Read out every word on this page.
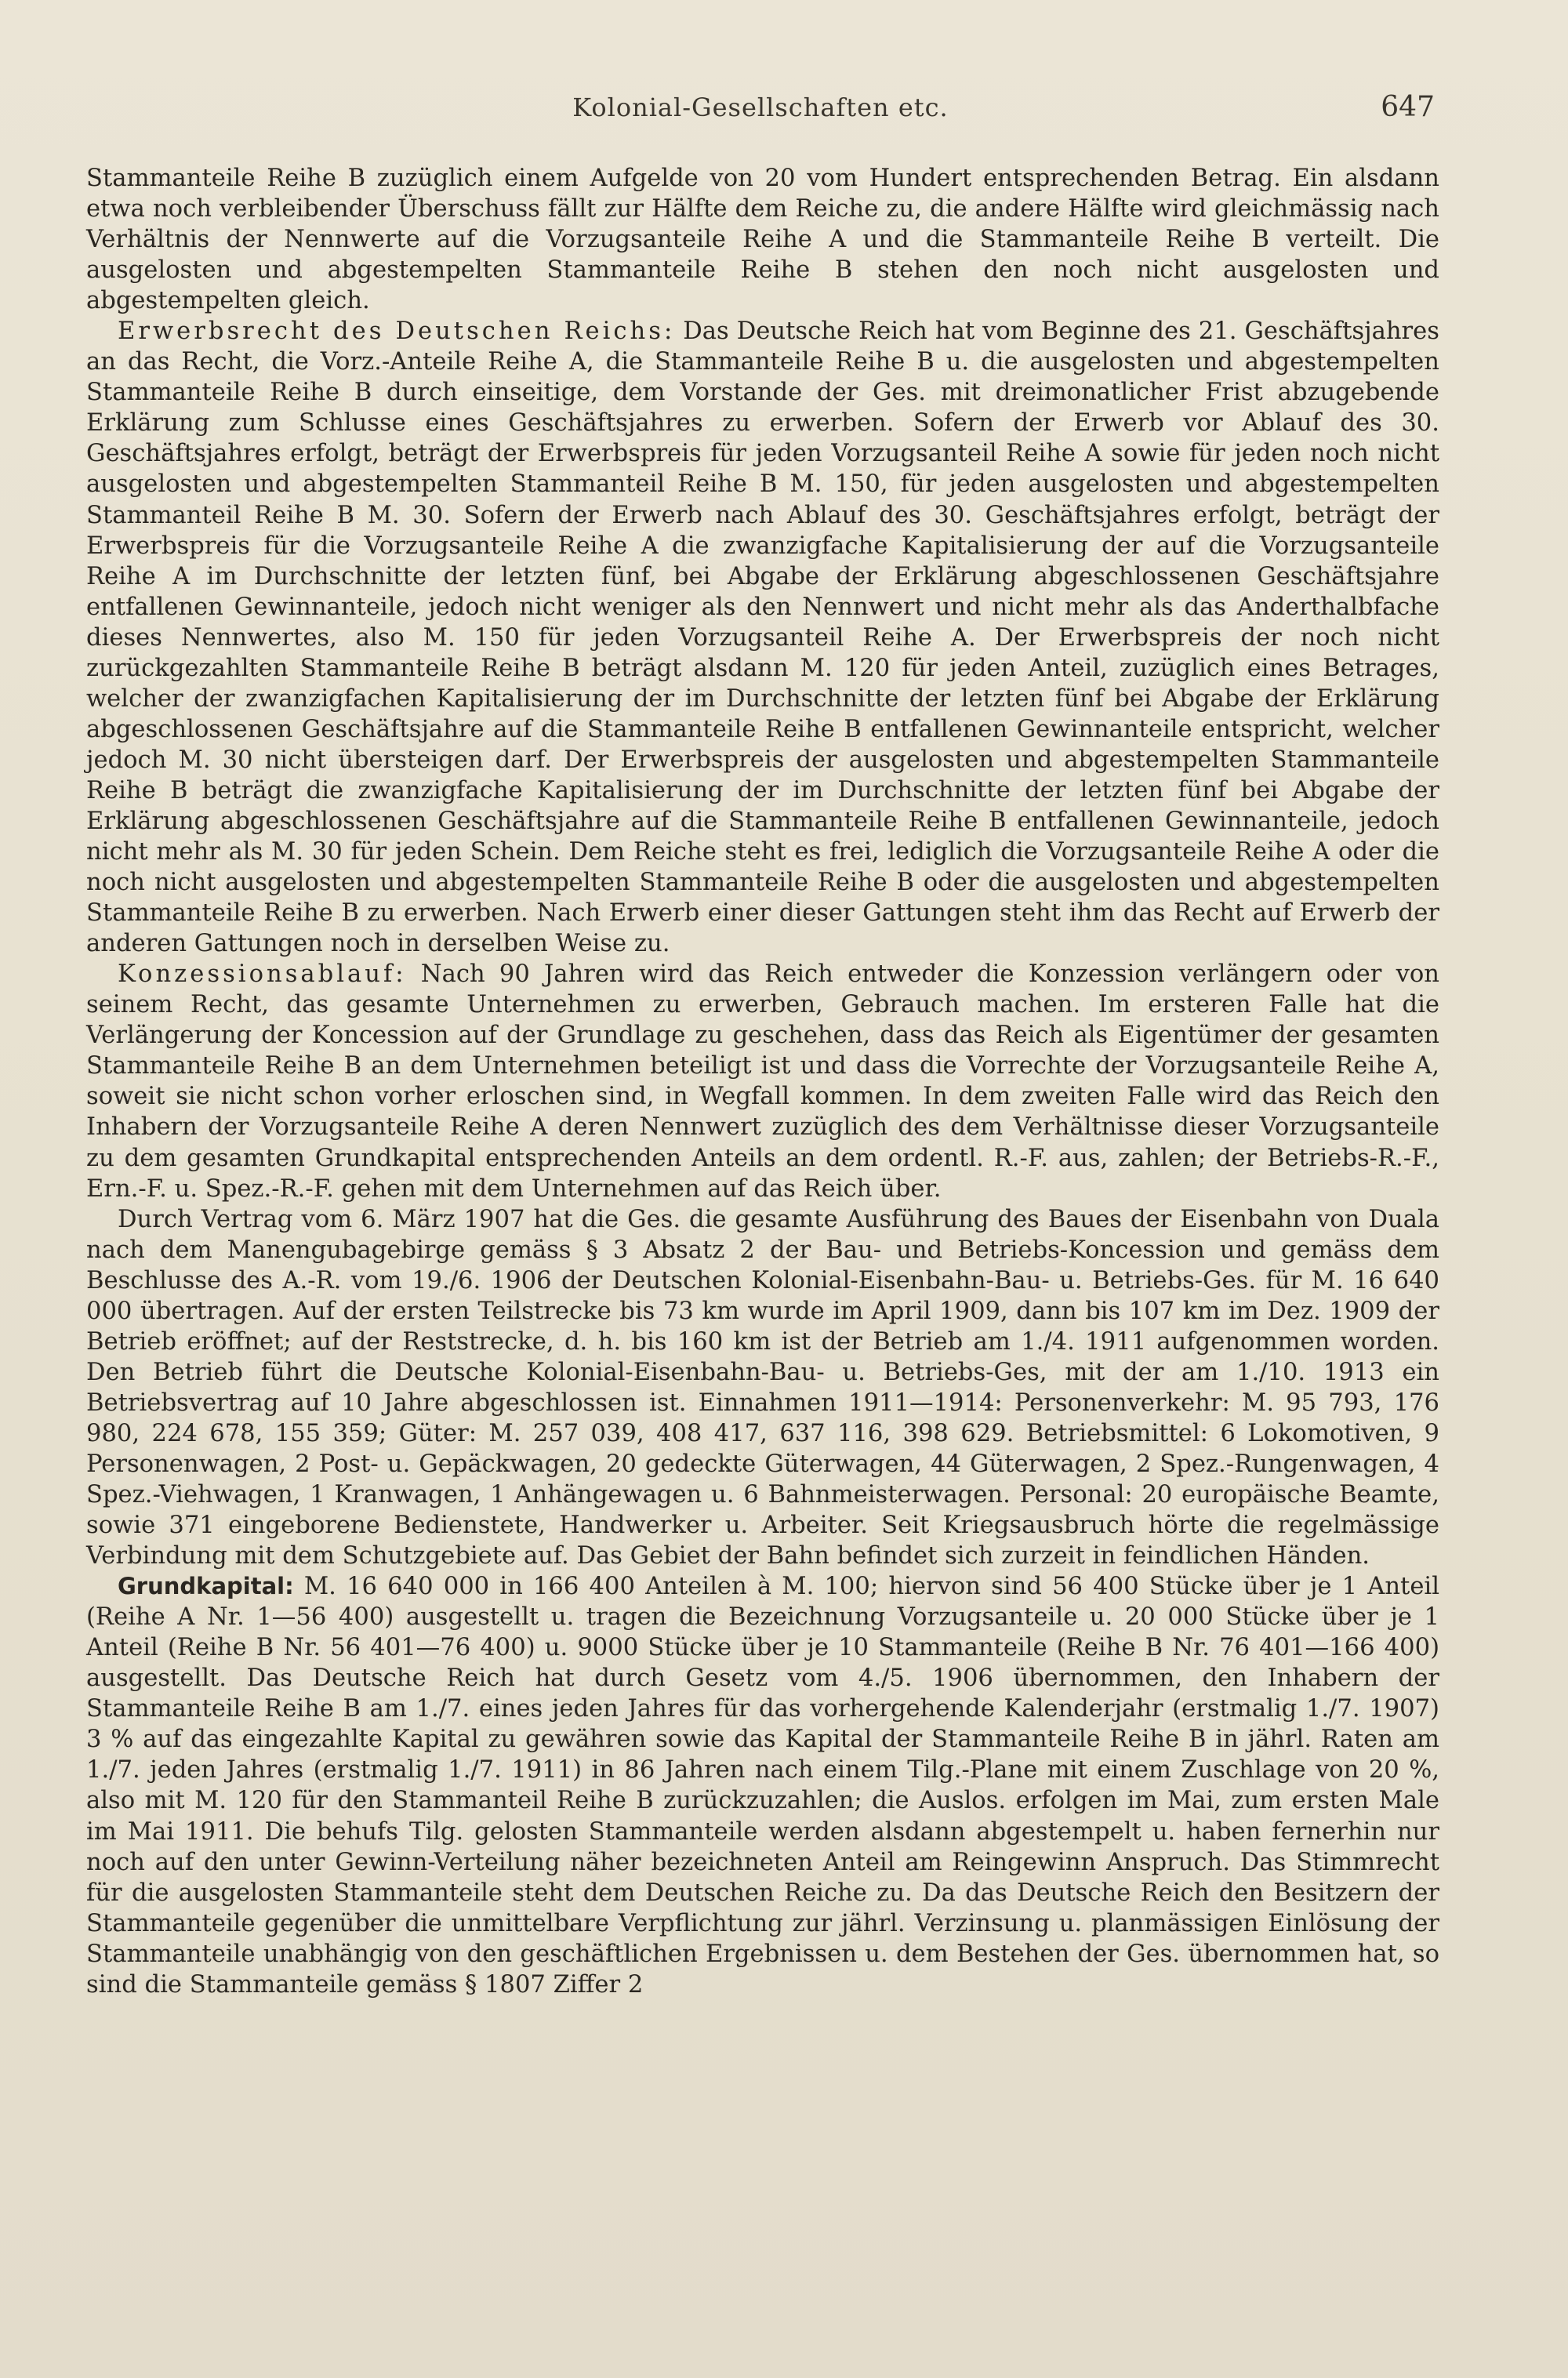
Kolonial-Gesellschaften etc.	647

Stammanteile Reihe B zuzüglich einem Aufgelde von 20 vom Hundert entsprechenden Betrag. Ein alsdann etwa noch verbleibender Überschuss fällt zur Hälfte dem Reiche zu, die andere Hälfte wird gleichmässig nach Verhältnis der Nennwerte auf die Vorzugsanteile Reihe A und die Stammanteile Reihe B verteilt. Die ausgelosten und abgestempelten Stammanteile Reihe B stehen den noch nicht ausgelosten und abgestempelten gleich.

Erwerbsrecht des Deutschen Reichs: Das Deutsche Reich hat vom Beginne des 21. Geschäftsjahres an das Recht, die Vorz.-Anteile Reihe A, die Stammanteile Reihe B u. die ausgelosten und abgestempelten Stammanteile Reihe B durch einseitige, dem Vorstande der Ges. mit dreimonatlicher Frist abzugebende Erklärung zum Schlusse eines Geschäftsjahres zu erwerben. Sofern der Erwerb vor Ablauf des 30. Geschäftsjahres erfolgt, beträgt der Erwerbspreis für jeden Vorzugsanteil Reihe A sowie für jeden noch nicht ausgelosten und abgestempelten Stammanteil Reihe B M. 150, für jeden ausgelosten und abgestempelten Stammanteil Reihe B M. 30. Sofern der Erwerb nach Ablauf des 30. Geschäftsjahres erfolgt, beträgt der Erwerbspreis für die Vorzugsanteile Reihe A die zwanzigfache Kapitalisierung der auf die Vorzugsanteile Reihe A im Durchschnitte der letzten fünf, bei Abgabe der Erklärung abgeschlossenen Geschäftsjahre entfallenen Gewinnanteile, jedoch nicht weniger als den Nennwert und nicht mehr als das Anderthalbfache dieses Nennwertes, also M. 150 für jeden Vorzugsanteil Reihe A. Der Erwerbspreis der noch nicht zurückgezahlten Stammanteile Reihe B beträgt alsdann M. 120 für jeden Anteil, zuzüglich eines Betrages, welcher der zwanzigfachen Kapitalisierung der im Durchschnitte der letzten fünf bei Abgabe der Erklärung abgeschlossenen Geschäftsjahre auf die Stammanteile Reihe B entfallenen Gewinnanteile entspricht, welcher jedoch M. 30 nicht übersteigen darf. Der Erwerbspreis der ausgelosten und abgestempelten Stammanteile Reihe B beträgt die zwanzigfache Kapitalisierung der im Durchschnitte der letzten fünf bei Abgabe der Erklärung abgeschlossenen Geschäftsjahre auf die Stammanteile Reihe B entfallenen Gewinnanteile, jedoch nicht mehr als M. 30 für jeden Schein. Dem Reiche steht es frei, lediglich die Vorzugsanteile Reihe A oder die noch nicht ausgelosten und abgestempelten Stammanteile Reihe B oder die ausgelosten und abgestempelten Stammanteile Reihe B zu erwerben. Nach Erwerb einer dieser Gattungen steht ihm das Recht auf Erwerb der anderen Gattungen noch in derselben Weise zu.

Konzessionsablauf: Nach 90 Jahren wird das Reich entweder die Konzession verlängern oder von seinem Recht, das gesamte Unternehmen zu erwerben, Gebrauch machen. Im ersteren Falle hat die Verlängerung der Koncession auf der Grundlage zu geschehen, dass das Reich als Eigentümer der gesamten Stammanteile Reihe B an dem Unternehmen beteiligt ist und dass die Vorrechte der Vorzugsanteile Reihe A, soweit sie nicht schon vorher erloschen sind, in Wegfall kommen. In dem zweiten Falle wird das Reich den Inhabern der Vorzugsanteile Reihe A deren Nennwert zuzüglich des dem Verhältnisse dieser Vorzugsanteile zu dem gesamten Grundkapital entsprechenden Anteils an dem ordentl. R.-F. aus, zahlen; der Betriebs-R.-F., Ern.-F. u. Spez.-R.-F. gehen mit dem Unternehmen auf das Reich über.

Durch Vertrag vom 6. März 1907 hat die Ges. die gesamte Ausführung des Baues der Eisenbahn von Duala nach dem Manengubagebirge gemäss § 3 Absatz 2 der Bau- und Betriebs-Koncession und gemäss dem Beschlusse des A.-R. vom 19./6. 1906 der Deutschen Kolonial-Eisenbahn-Bau- u. Betriebs-Ges. für M. 16 640 000 übertragen. Auf der ersten Teilstrecke bis 73 km wurde im April 1909, dann bis 107 km im Dez. 1909 der Betrieb eröffnet; auf der Reststrecke, d. h. bis 160 km ist der Betrieb am 1./4. 1911 aufgenommen worden. Den Betrieb führt die Deutsche Kolonial-Eisenbahn-Bau- u. Betriebs-Ges, mit der am 1./10. 1913 ein Betriebsvertrag auf 10 Jahre abgeschlossen ist. Einnahmen 1911—1914: Personenverkehr: M. 95 793, 176 980, 224 678, 155 359; Güter: M. 257 039, 408 417, 637 116, 398 629. Betriebsmittel: 6 Lokomotiven, 9 Personenwagen, 2 Post- u. Gepäckwagen, 20 gedeckte Güterwagen, 44 Güterwagen, 2 Spez.-Rungenwagen, 4 Spez.-Viehwagen, 1 Kranwagen, 1 Anhängewagen u. 6 Bahnmeisterwagen. Personal: 20 europäische Beamte, sowie 371 eingeborene Bedienstete, Handwerker u. Arbeiter. Seit Kriegsausbruch hörte die regelmässige Verbindung mit dem Schutzgebiete auf. Das Gebiet der Bahn befindet sich zurzeit in feindlichen Händen.

Grundkapital: M. 16 640 000 in 166 400 Anteilen à M. 100; hiervon sind 56 400 Stücke über je 1 Anteil (Reihe A Nr. 1—56 400) ausgestellt u. tragen die Bezeichnung Vorzugsanteile u. 20 000 Stücke über je 1 Anteil (Reihe B Nr. 56 401—76 400) u. 9000 Stücke über je 10 Stammanteile (Reihe B Nr. 76 401—166 400) ausgestellt. Das Deutsche Reich hat durch Gesetz vom 4./5. 1906 übernommen, den Inhabern der Stammanteile Reihe B am 1./7. eines jeden Jahres für das vorhergehende Kalenderjahr (erstmalig 1./7. 1907) 3 % auf das eingezahlte Kapital zu gewähren sowie das Kapital der Stammanteile Reihe B in jährl. Raten am 1./7. jeden Jahres (erstmalig 1./7. 1911) in 86 Jahren nach einem Tilg.-Plane mit einem Zuschlage von 20 %, also mit M. 120 für den Stammanteil Reihe B zurückzuzahlen; die Auslos. erfolgen im Mai, zum ersten Male im Mai 1911. Die behufs Tilg. gelosten Stammanteile werden alsdann abgestempelt u. haben fernerhin nur noch auf den unter Gewinn-Verteilung näher bezeichneten Anteil am Reingewinn Anspruch. Das Stimmrecht für die ausgelosten Stammanteile steht dem Deutschen Reiche zu. Da das Deutsche Reich den Besitzern der Stammanteile gegenüber die unmittelbare Verpflichtung zur jährl. Verzinsung u. planmässigen Einlösung der Stammanteile unabhängig von den geschäftlichen Ergebnissen u. dem Bestehen der Ges. übernommen hat, so sind die Stammanteile gemäss § 1807 Ziffer 2
